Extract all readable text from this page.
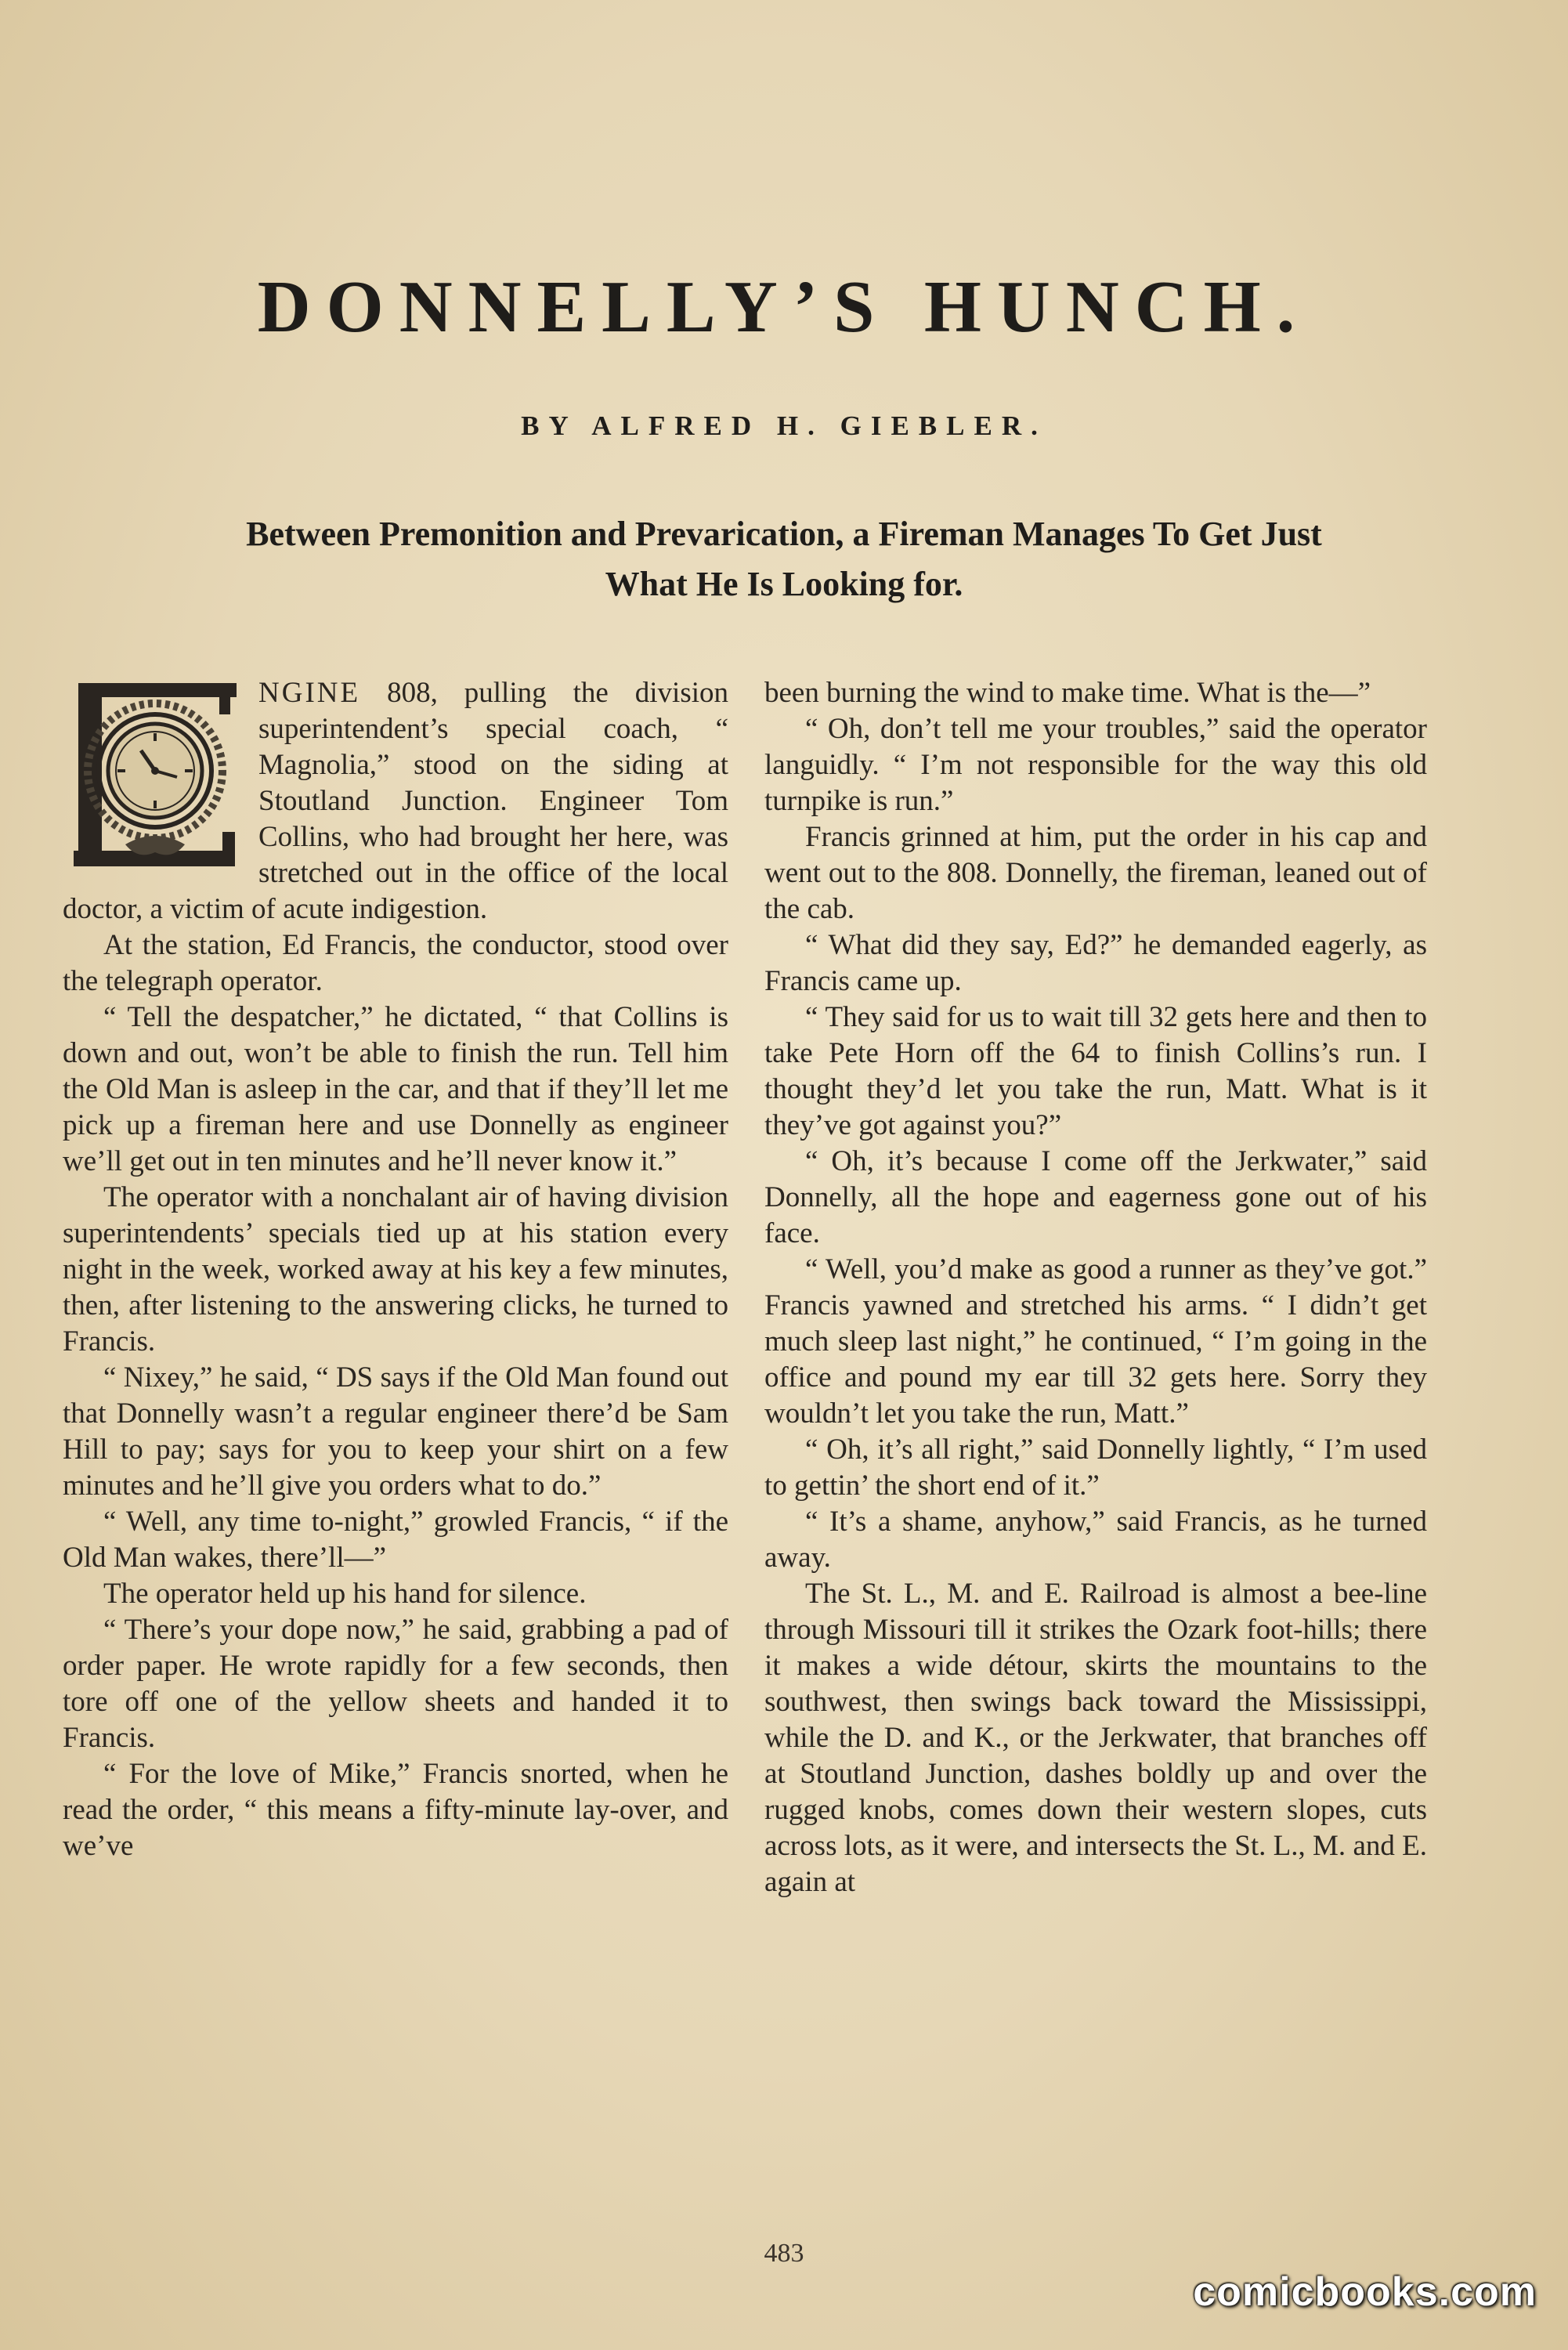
DONNELLY’S HUNCH.

BY ALFRED H. GIEBLER.

Between Premonition and Prevarication, a Fireman Manages To Get Just What He Is Looking for.

NGINE 808, pulling the division superintendent’s special coach, “ Magnolia,” stood on the siding at Stoutland Junction. Engineer Tom Collins, who had brought her here, was stretched out in the office of the local doctor, a victim of acute indigestion.

At the station, Ed Francis, the conductor, stood over the telegraph operator.

“ Tell the despatcher,” he dictated, “ that Collins is down and out, won’t be able to finish the run. Tell him the Old Man is asleep in the car, and that if they’ll let me pick up a fireman here and use Donnelly as engineer we’ll get out in ten minutes and he’ll never know it.”

The operator with a nonchalant air of having division superintendents’ specials tied up at his station every night in the week, worked away at his key a few minutes, then, after listening to the answering clicks, he turned to Francis.

“ Nixey,” he said, “ DS says if the Old Man found out that Donnelly wasn’t a regular engineer there’d be Sam Hill to pay; says for you to keep your shirt on a few minutes and he’ll give you orders what to do.”

“ Well, any time to-night,” growled Francis, “ if the Old Man wakes, there’ll—”

The operator held up his hand for silence.

“ There’s your dope now,” he said, grabbing a pad of order paper. He wrote rapidly for a few seconds, then tore off one of the yellow sheets and handed it to Francis.

“ For the love of Mike,” Francis snorted, when he read the order, “ this means a fifty-minute lay-over, and we’ve

been burning the wind to make time. What is the—”

“ Oh, don’t tell me your troubles,” said the operator languidly. “ I’m not responsible for the way this old turnpike is run.”

Francis grinned at him, put the order in his cap and went out to the 808. Donnelly, the fireman, leaned out of the cab.

“ What did they say, Ed?” he demanded eagerly, as Francis came up.

“ They said for us to wait till 32 gets here and then to take Pete Horn off the 64 to finish Collins’s run. I thought they’d let you take the run, Matt. What is it they’ve got against you?”

“ Oh, it’s because I come off the Jerkwater,” said Donnelly, all the hope and eagerness gone out of his face.

“ Well, you’d make as good a runner as they’ve got.” Francis yawned and stretched his arms. “ I didn’t get much sleep last night,” he continued, “ I’m going in the office and pound my ear till 32 gets here. Sorry they wouldn’t let you take the run, Matt.”

“ Oh, it’s all right,” said Donnelly lightly, “ I’m used to gettin’ the short end of it.”

“ It’s a shame, anyhow,” said Francis, as he turned away.

The St. L., M. and E. Railroad is almost a bee-line through Missouri till it strikes the Ozark foot-hills; there it makes a wide détour, skirts the mountains to the southwest, then swings back toward the Mississippi, while the D. and K., or the Jerkwater, that branches off at Stoutland Junction, dashes boldly up and over the rugged knobs, comes down their western slopes, cuts across lots, as it were, and intersects the St. L., M. and E. again at

483

comicbooks.com
